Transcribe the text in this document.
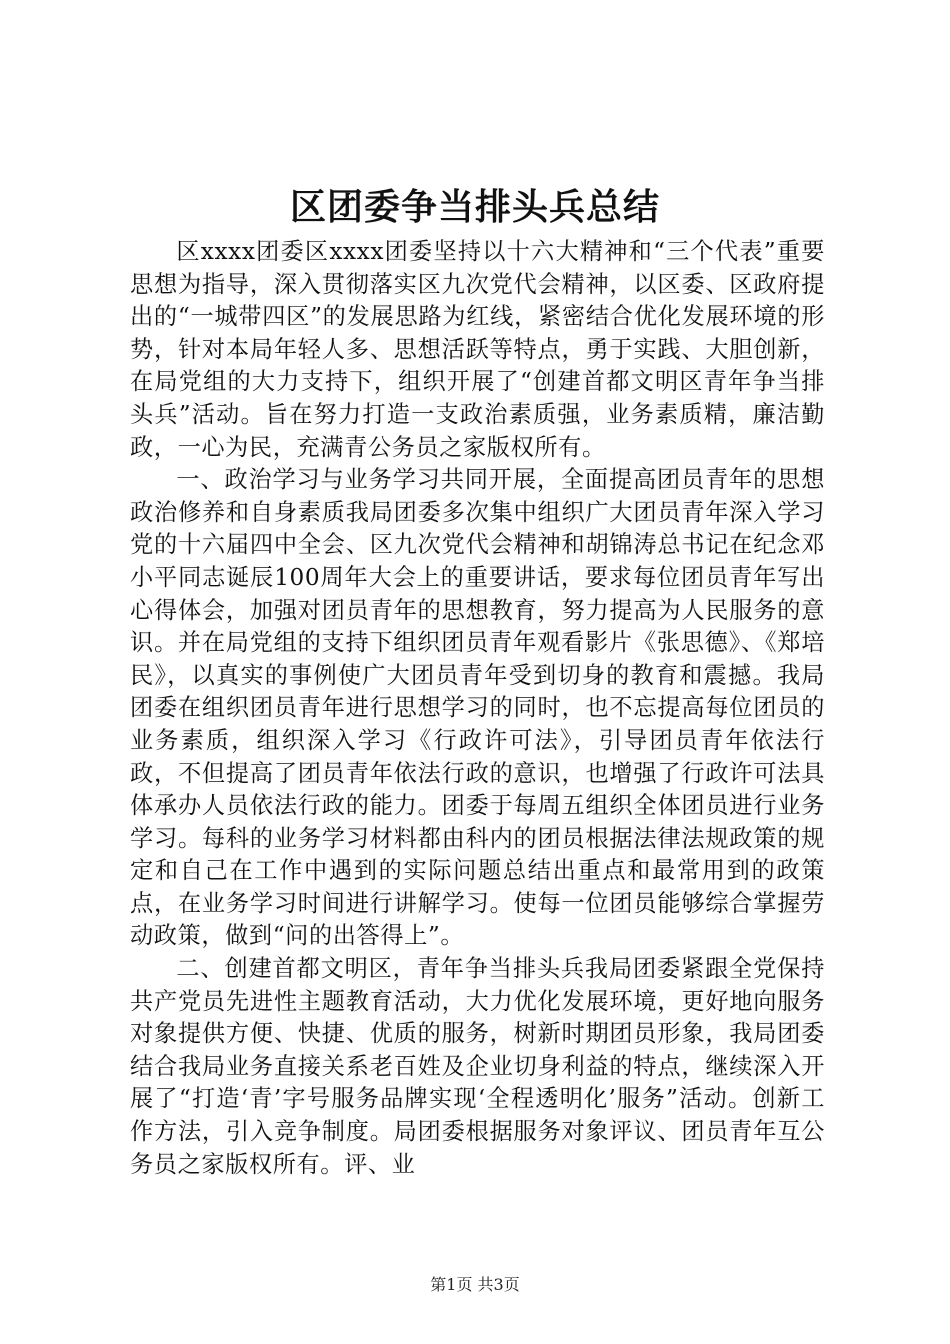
区团委争当排头兵总结

区xxxx团委区xxxx团委坚持以十六大精神和“三个代表”重要思想为指导，深入贯彻落实区九次党代会精神，以区委、区政府提出的“一城带四区”的发展思路为红线，紧密结合优化发展环境的形势，针对本局年轻人多、思想活跃等特点，勇于实践、大胆创新，在局党组的大力支持下，组织开展了“创建首都文明区青年争当排头兵”活动。旨在努力打造一支政治素质强，业务素质精，廉洁勤政，一心为民，充满青公务员之家版权所有。

一、政治学习与业务学习共同开展，全面提高团员青年的思想政治修养和自身素质我局团委多次集中组织广大团员青年深入学习党的十六届四中全会、区九次党代会精神和胡锦涛总书记在纪念邓小平同志诞辰100周年大会上的重要讲话，要求每位团员青年写出心得体会，加强对团员青年的思想教育，努力提高为人民服务的意识。并在局党组的支持下组织团员青年观看影片《张思德》、《郑培民》，以真实的事例使广大团员青年受到切身的教育和震撼。我局团委在组织团员青年进行思想学习的同时，也不忘提高每位团员的业务素质，组织深入学习《行政许可法》，引导团员青年依法行政，不但提高了团员青年依法行政的意识，也增强了行政许可法具体承办人员依法行政的能力。团委于每周五组织全体团员进行业务学习。每科的业务学习材料都由科内的团员根据法律法规政策的规定和自己在工作中遇到的实际问题总结出重点和最常用到的政策点，在业务学习时间进行讲解学习。使每一位团员能够综合掌握劳动政策，做到“问的出答得上”。

二、创建首都文明区，青年争当排头兵我局团委紧跟全党保持共产党员先进性主题教育活动，大力优化发展环境，更好地向服务对象提供方便、快捷、优质的服务，树新时期团员形象，我局团委结合我局业务直接关系老百姓及企业切身利益的特点，继续深入开展了“打造‘青’字号服务品牌实现‘全程透明化’服务”活动。创新工作方法，引入竞争制度。局团委根据服务对象评议、团员青年互公务员之家版权所有。评、业

第1页 共3页
